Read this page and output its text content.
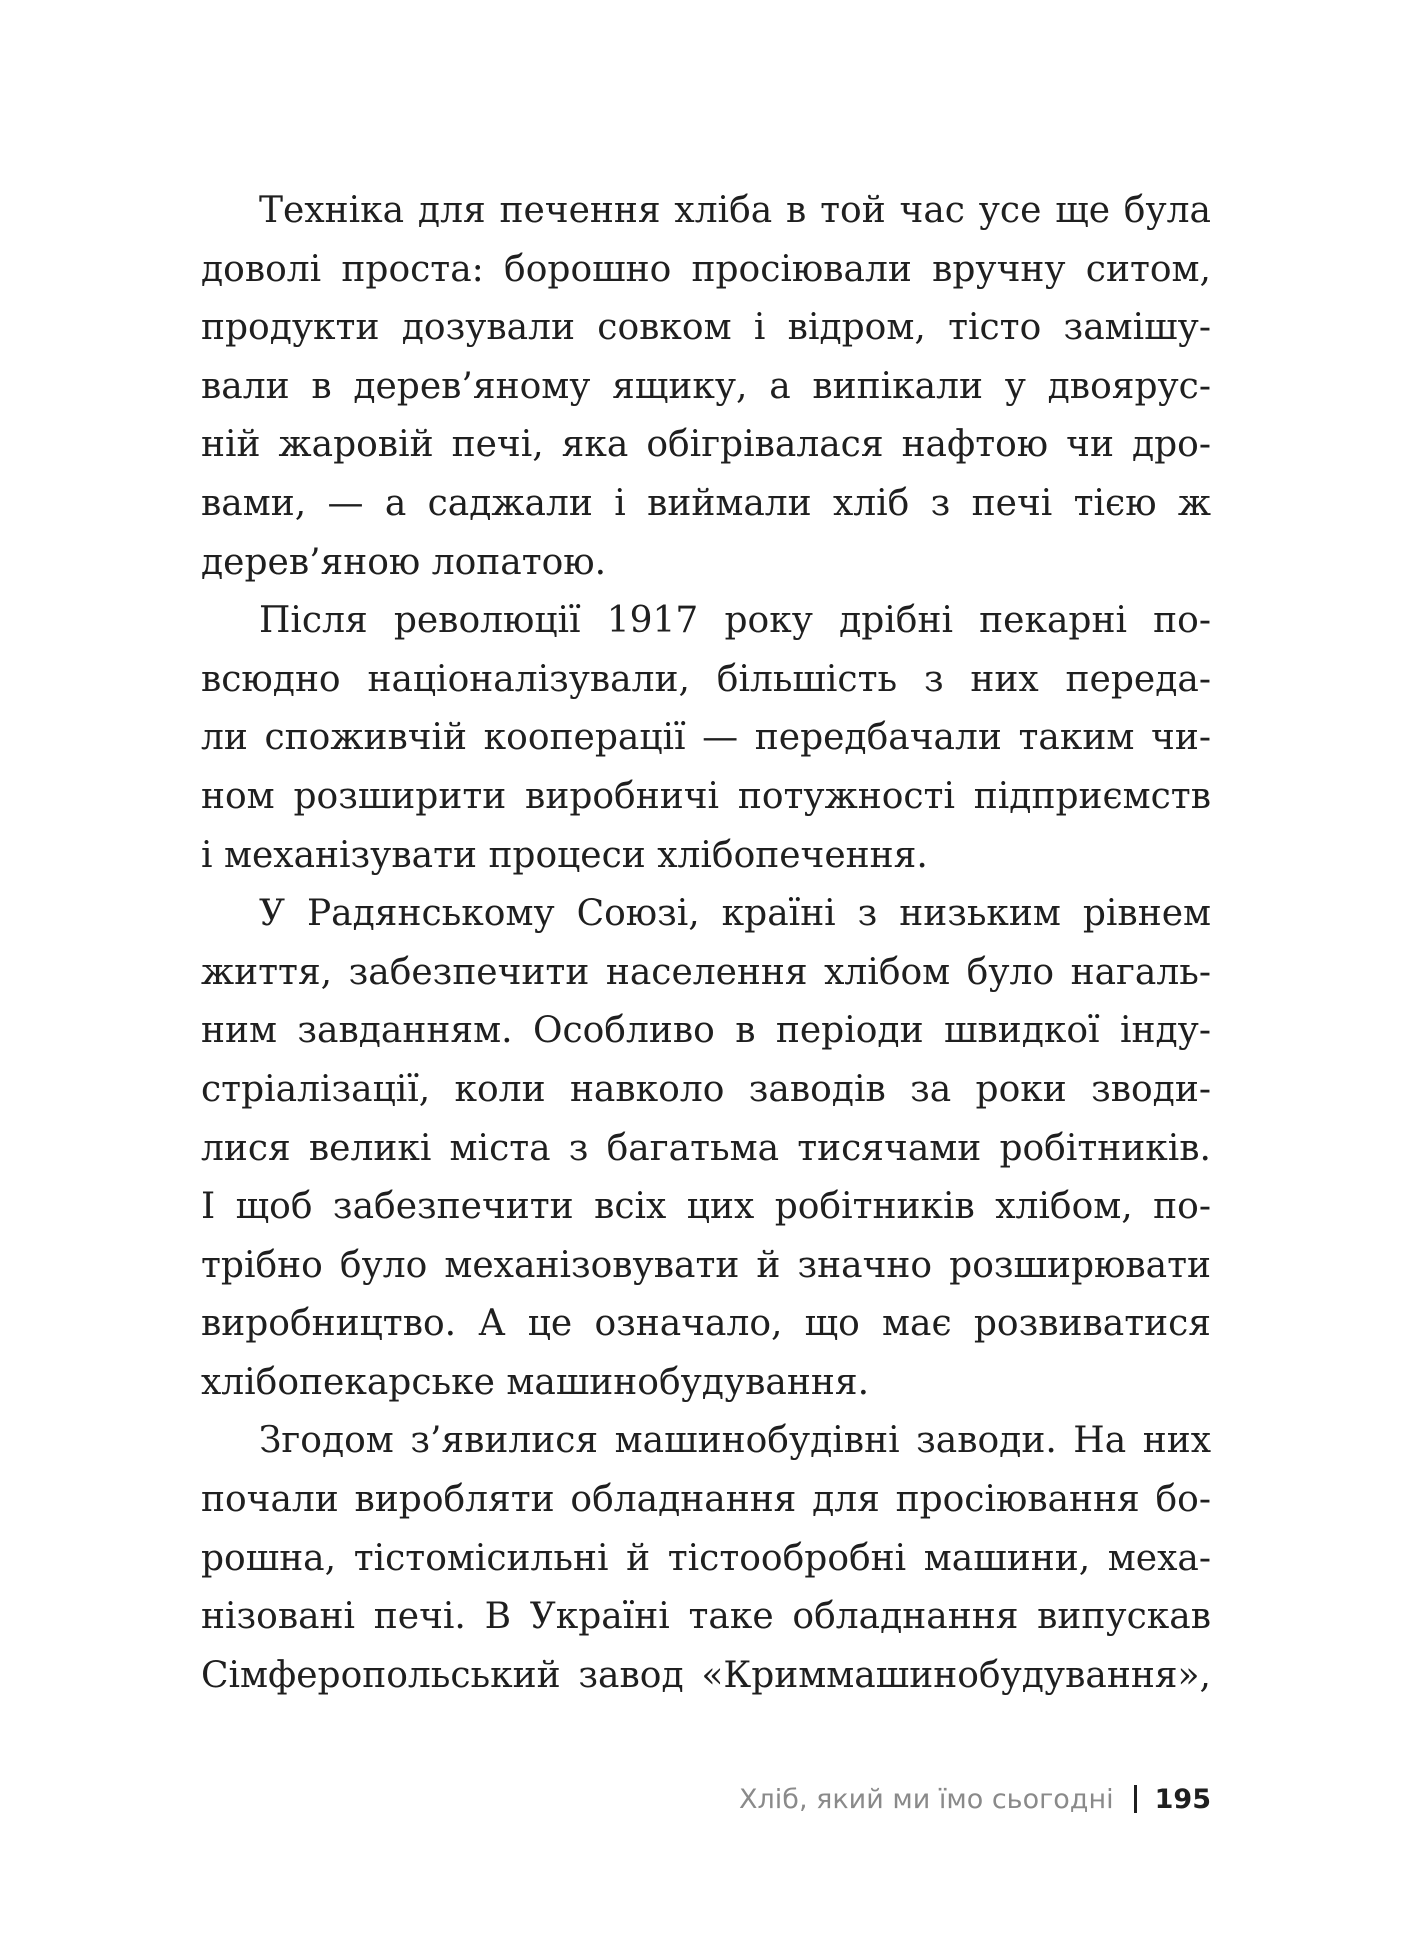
Техніка для печення хліба в той час усе ще була
доволі проста: борошно просіювали вручну ситом,
продукти дозували совком і відром, тісто замішу-
вали в дерев’яному ящику, а випікали у двоярус-
ній жаровій печі, яка обігрівалася нафтою чи дро-
вами, — а саджали і виймали хліб з печі тією ж
дерев’яною лопатою.
Після революції 1917 року дрібні пекарні по-
всюдно націоналізували, більшість з них переда-
ли споживчій кооперації — передбачали таким чи-
ном розширити виробничі потужності підприємств
і механізувати процеси хлібопечення.
У Радянському Союзі, країні з низьким рівнем
життя, забезпечити населення хлібом було нагаль-
ним завданням. Особливо в періоди швидкої інду-
стріалізації, коли навколо заводів за роки зводи-
лися великі міста з багатьма тисячами робітників.
І щоб забезпечити всіх цих робітників хлібом, по-
трібно було механізовувати й значно розширювати
виробництво. А це означало, що має розвиватися
хлібопекарське машинобудування.
Згодом з’явилися машинобудівні заводи. На них
почали виробляти обладнання для просіювання бо-
рошна, тістомісильні й тістообробні машини, меха-
нізовані печі. В Україні таке обладнання випускав
Сімферопольський завод «Криммашинобудування»,
Хліб, який ми їмо сьогодні 195
